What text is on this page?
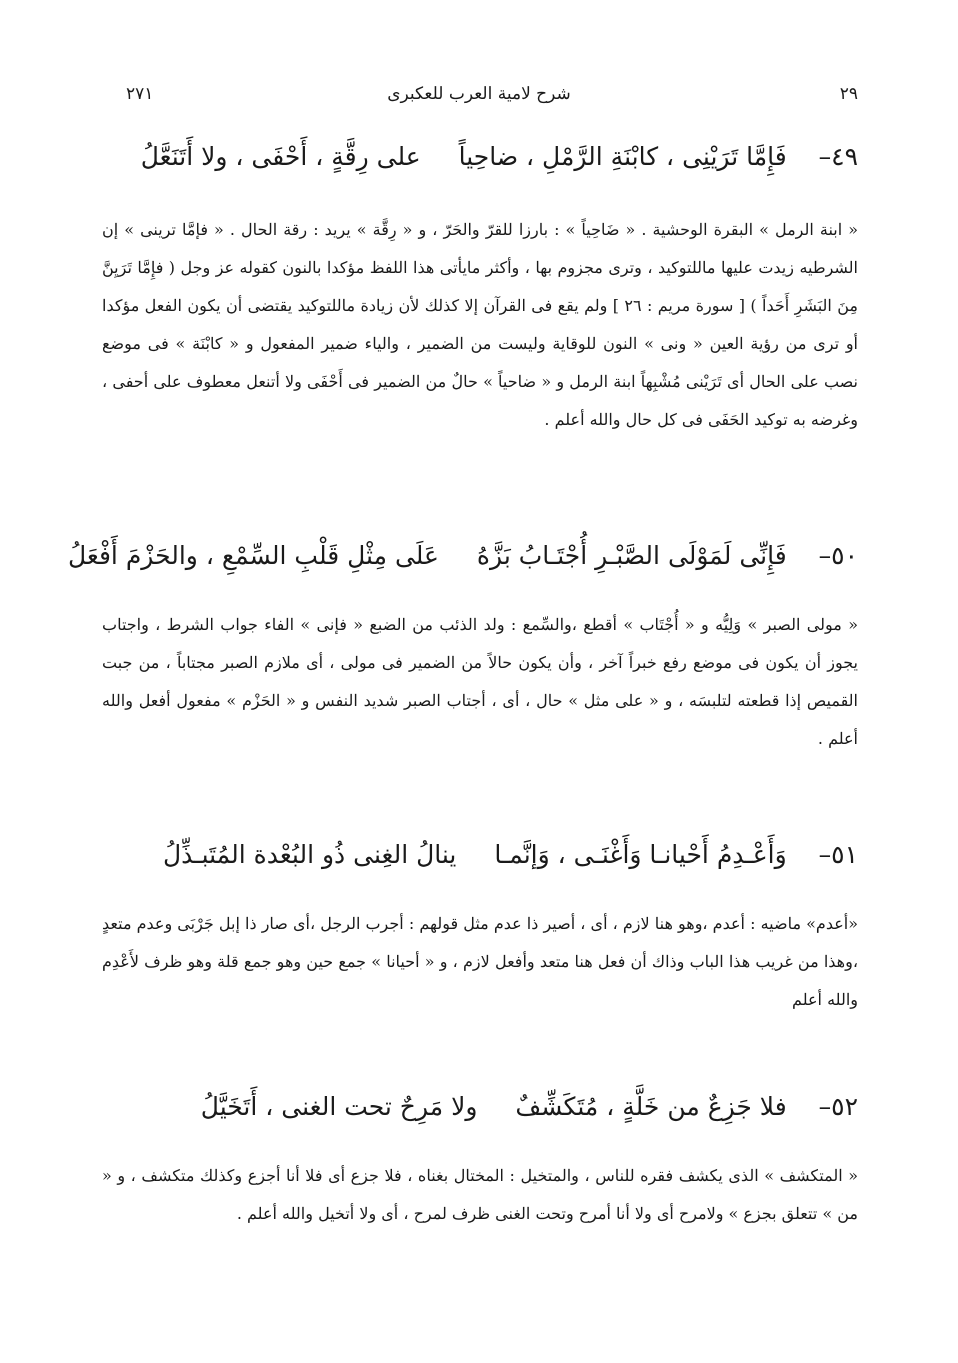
٢٩
شرح لامية العرب للعكبرى
٢٧١
٤٩– فَإِمَّا تَرَيْنِى ، كابْنَةِ الرَّمْلِ ، ضاحِياً على رِقَّةٍ ، أَحْفَى ، ولا أَتَنَعَّلُ

« ابنة الرمل » البقرة الوحشية . « ضَاحِياً » : بارزا للقرّ والحَرّ ، و « رِقَّة » يريد : رقة الحال . « فإمَّا ترينى » إن الشرطيه زيدت عليها ماللتوكيد ، وترى مجزوم بها ، وأكثر مايأتى هذا اللفظ مؤكدا بالنون كقوله عز وجل ( فإِمَّا تَرَيِنَّ مِنَ البَشَرِ أَحَداً ) [ سورة مريم : ٢٦ ] ولم يقع فى القرآن إلا كذلك لأن زيادة ماللتوكيد يقتضى أن يكون الفعل مؤكدا أو ترى من رؤية العين « ونى » النون للوقاية وليست من الضمير ، والياء ضمير المفعول و « كابْنَة » فى موضع نصب على الحال أى تَرَيْنى مُشْبِهاً ابنة الرمل و « ضاحياً » حالٌ من الضمير فى أَحْفَى ولا أتنعل معطوف على أحفى ، وغرضه به توكيد الحَفَى فى كل حال والله أعلم .

٥٠– فَإِنِّى لَمَوْلَى الصَّبْـرِ أُجْتَـابُ بَزَّهُ عَلَى مِثْلِ قَلْبِ السِّمْعِ ، والحَزْمَ أَفْعَلُ

« مولى الصبر » وَلِيُّه و « أُجْتَاب » أقطع ،والسِّمع : ولد الذئب من الضبع « فإنى » الفاء جواب الشرط ، واجتاب يجوز أن يكون فى موضع رفع خبراً آخر ، وأن يكون حالاً من الضمير فى مولى ، أى ملازم الصبر مجتاباً ، من جبت القميص إذا قطعته لتلبسَه ، و « على مثل » حال ، أى ، أجتاب الصبر شديد النفس و « الحَزْم » مفعول أفعل والله أعلم .

٥١– وَأَعْـدِمُ أَحْيانـا وَأَغْنَـى ، وَإنَّمـا ينالُ الغِنى ذُو البُعْدة المُتَبـذِّلُ

«أعدم» ماضيه : أعدم ،وهو هنا لازم ، أى ، أصير ذا عدم مثل قولهم : أجرب الرجل ،أى صار ذا إبل جَرْبَى وعدم متعدٍ ،وهذا من غريب هذا الباب وذاك أن فعل هنا متعد وأفعل لازم ، و « أحيانا » جمع حين وهو جمع قلة وهو ظرف لأَعْدِم والله أعلم

٥٢– فلا جَزِعٌ من خَلَّةٍ ، مُتَكَشِّفٌ ولا مَرِحٌ تحت الغنى ، أَتَخَيَّلُ

« المتكشف » الذى يكشف فقره للناس ، والمتخيل : المختال بغناه ، فلا جزع أى فلا أنا أجزع وكذلك متكشف ، و « من » تتعلق بجزع » ولامرح أى ولا أنا أمرح وتحت الغنى ظرف لمرح ، أى ولا أتخيل والله أعلم .
